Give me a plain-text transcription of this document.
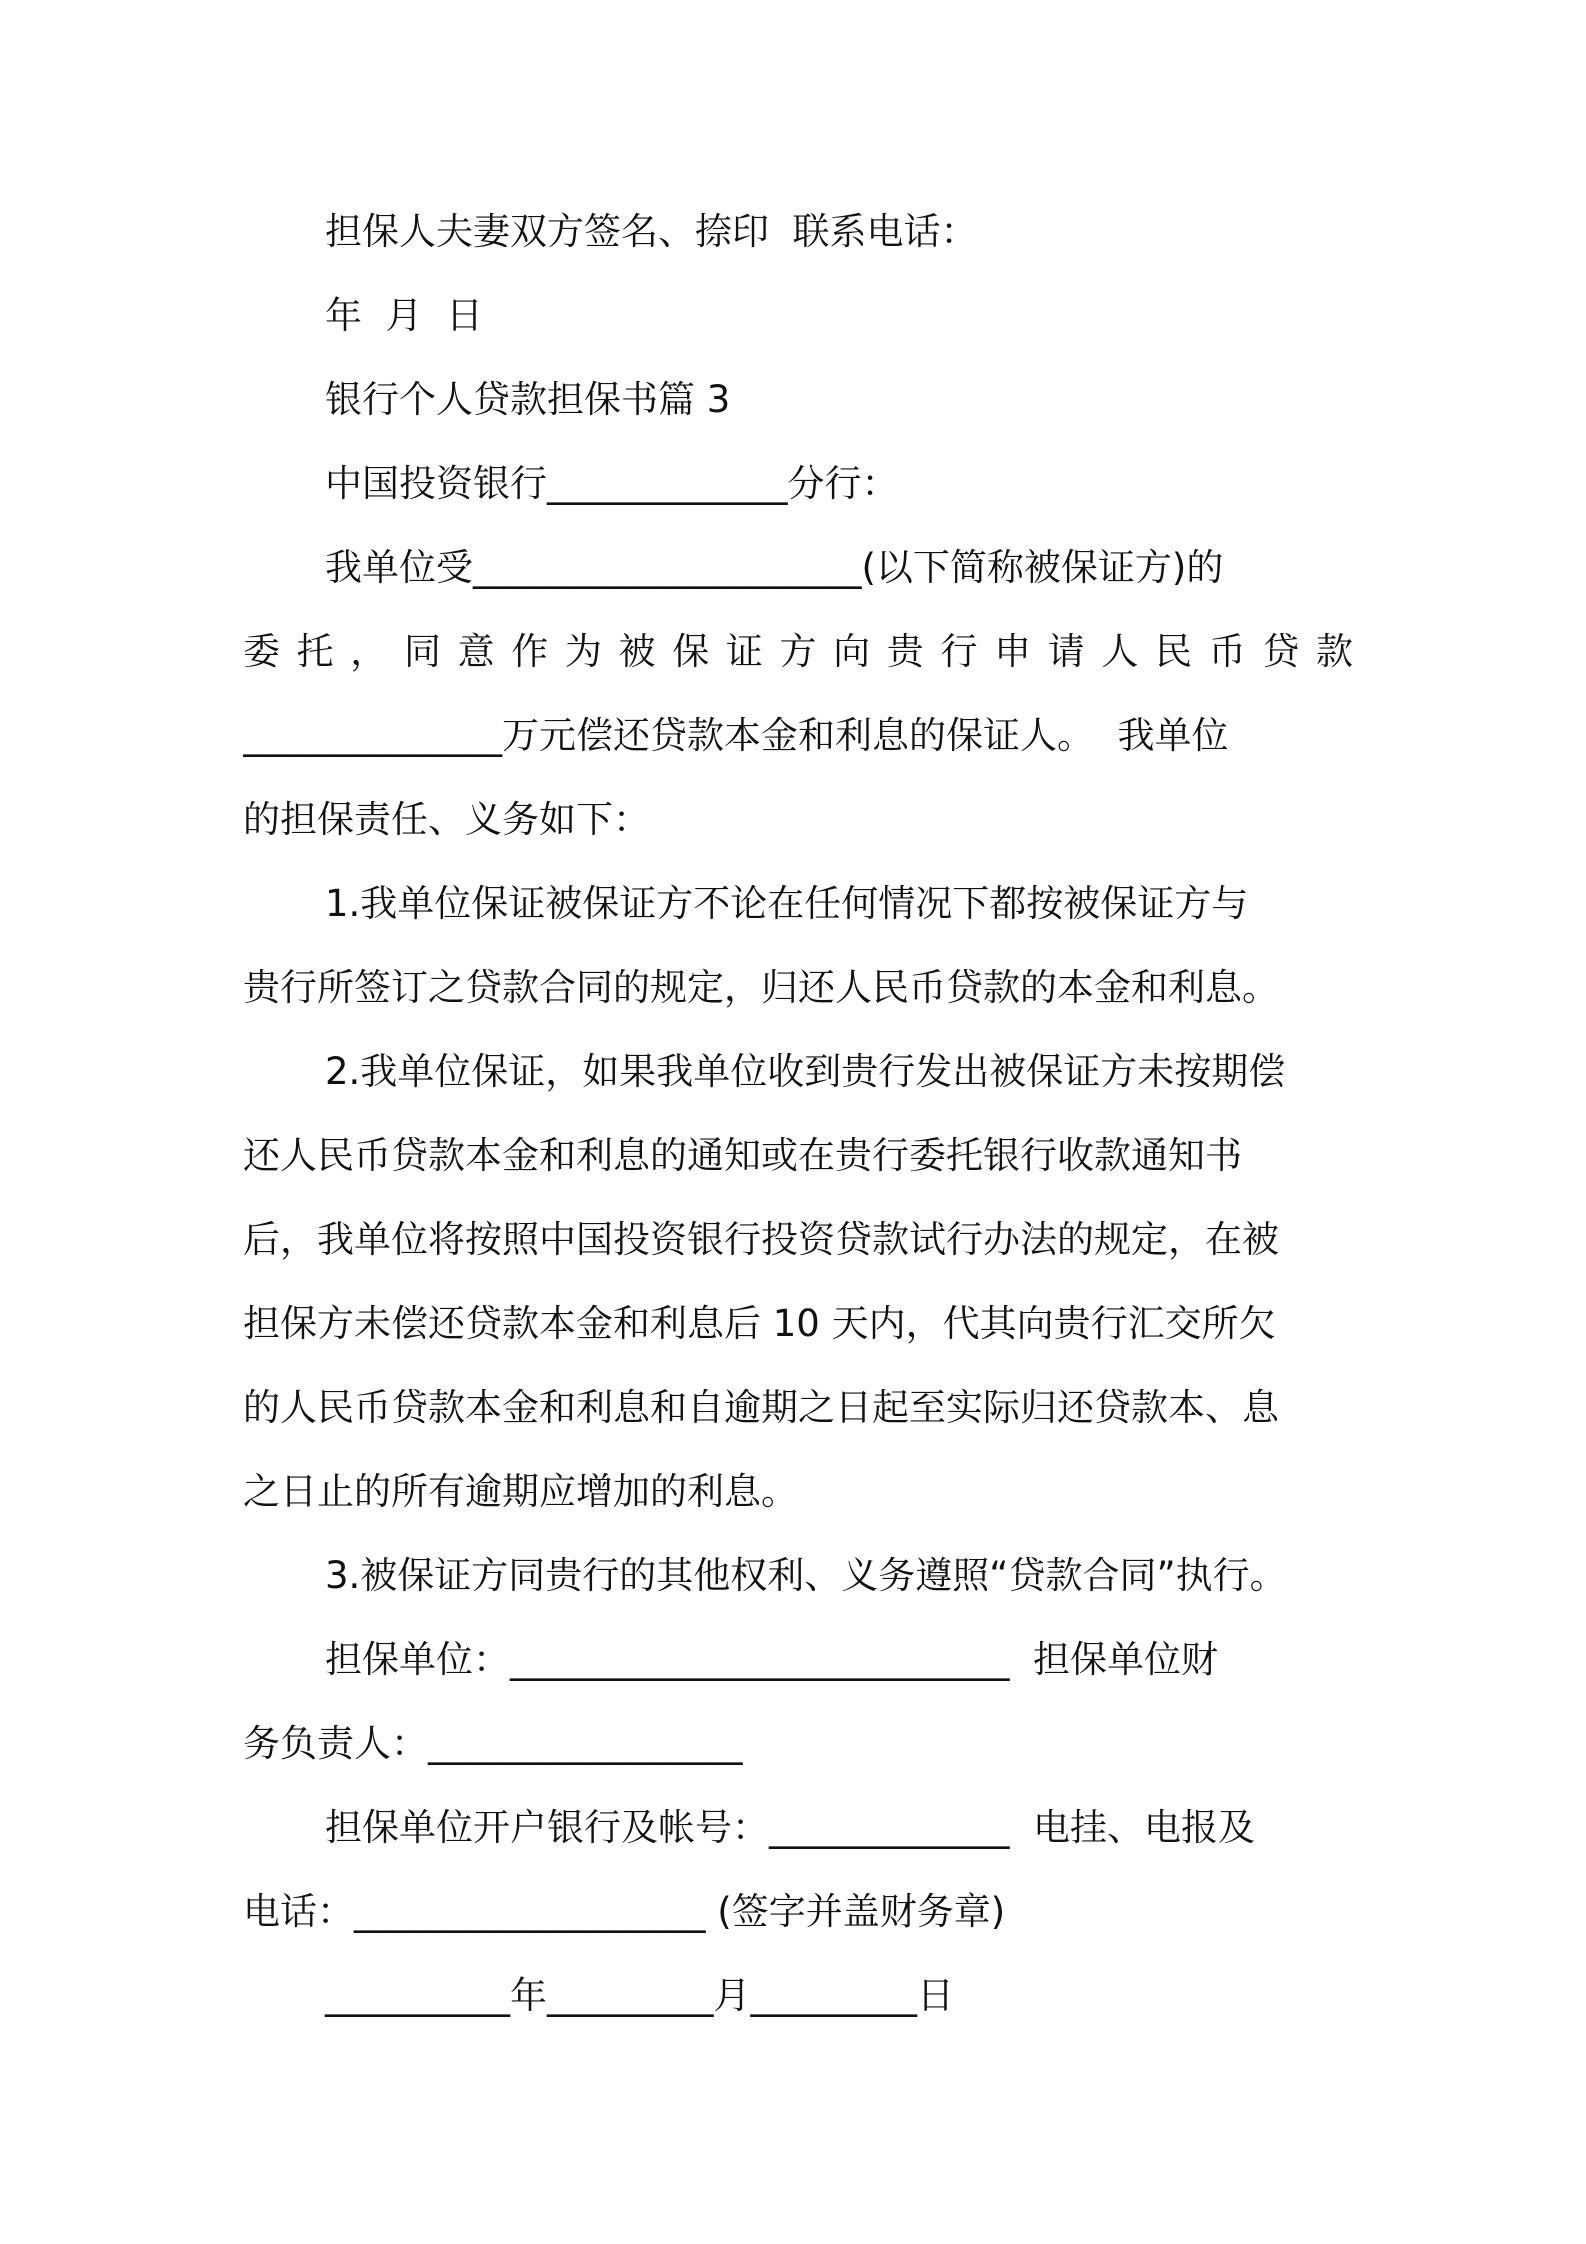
担保人夫妻双方签名、捺印  联系电话：
年  月  日
银行个人贷款担保书篇 3
中国投资银行_____________分行：
我单位受_____________________(以下简称被保证方)的
委托，同意作为被保证方向贵行申请人民币贷款
______________万元偿还贷款本金和利息的保证人。  我单位
的担保责任、义务如下：
1.我单位保证被保证方不论在任何情况下都按被保证方与
贵行所签订之贷款合同的规定，归还人民币贷款的本金和利息。
2.我单位保证，如果我单位收到贵行发出被保证方未按期偿
还人民币贷款本金和利息的通知或在贵行委托银行收款通知书
后，我单位将按照中国投资银行投资贷款试行办法的规定，在被
担保方未偿还贷款本金和利息后 10 天内，代其向贵行汇交所欠
的人民币贷款本金和利息和自逾期之日起至实际归还贷款本、息
之日止的所有逾期应增加的利息。
3.被保证方同贵行的其他权利、义务遵照“贷款合同”执行。
担保单位：___________________________  担保单位财
务负责人：_________________
担保单位开户银行及帐号：_____________  电挂、电报及
电话：___________________ (签字并盖财务章)
__________年_________月_________日
